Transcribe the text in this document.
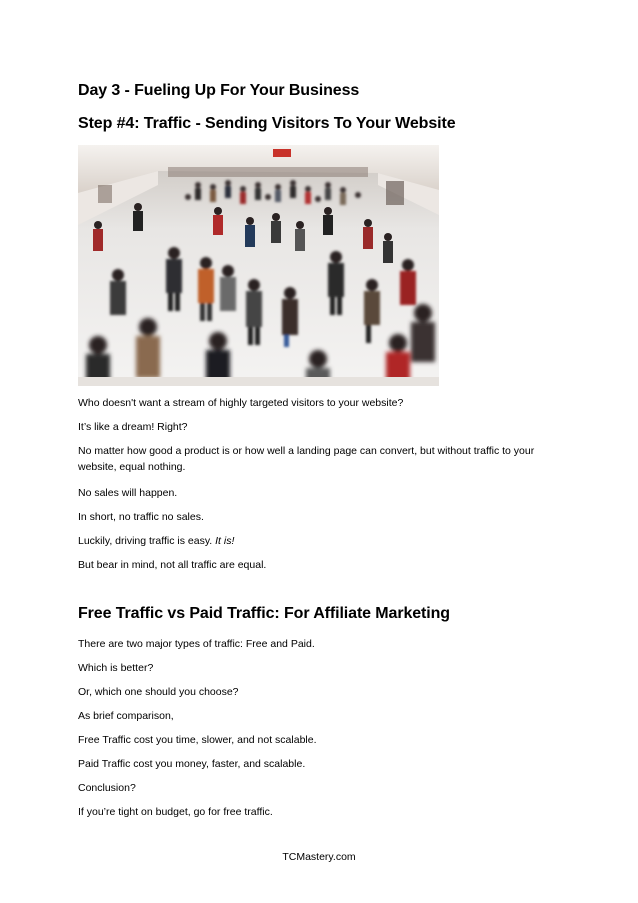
Day 3 - Fueling Up For Your Business
Step #4: Traffic - Sending Visitors To Your Website
Who doesn't want a stream of highly targeted visitors to your website?
It’s like a dream! Right?
No matter how good a product is or how well a landing page can convert, but without traffic to your website, equal nothing.
No sales will happen.
In short, no traffic no sales.
Luckily, driving traffic is easy. It is!
But bear in mind, not all traffic are equal.
Free Traffic vs Paid Traffic: For Affiliate Marketing
There are two major types of traffic: Free and Paid.
Which is better?
Or, which one should you choose?
As brief comparison,
Free Traffic cost you time, slower, and not scalable.
Paid Traffic cost you money, faster, and scalable.
Conclusion?
If you’re tight on budget, go for free traffic.
TCMastery.com
